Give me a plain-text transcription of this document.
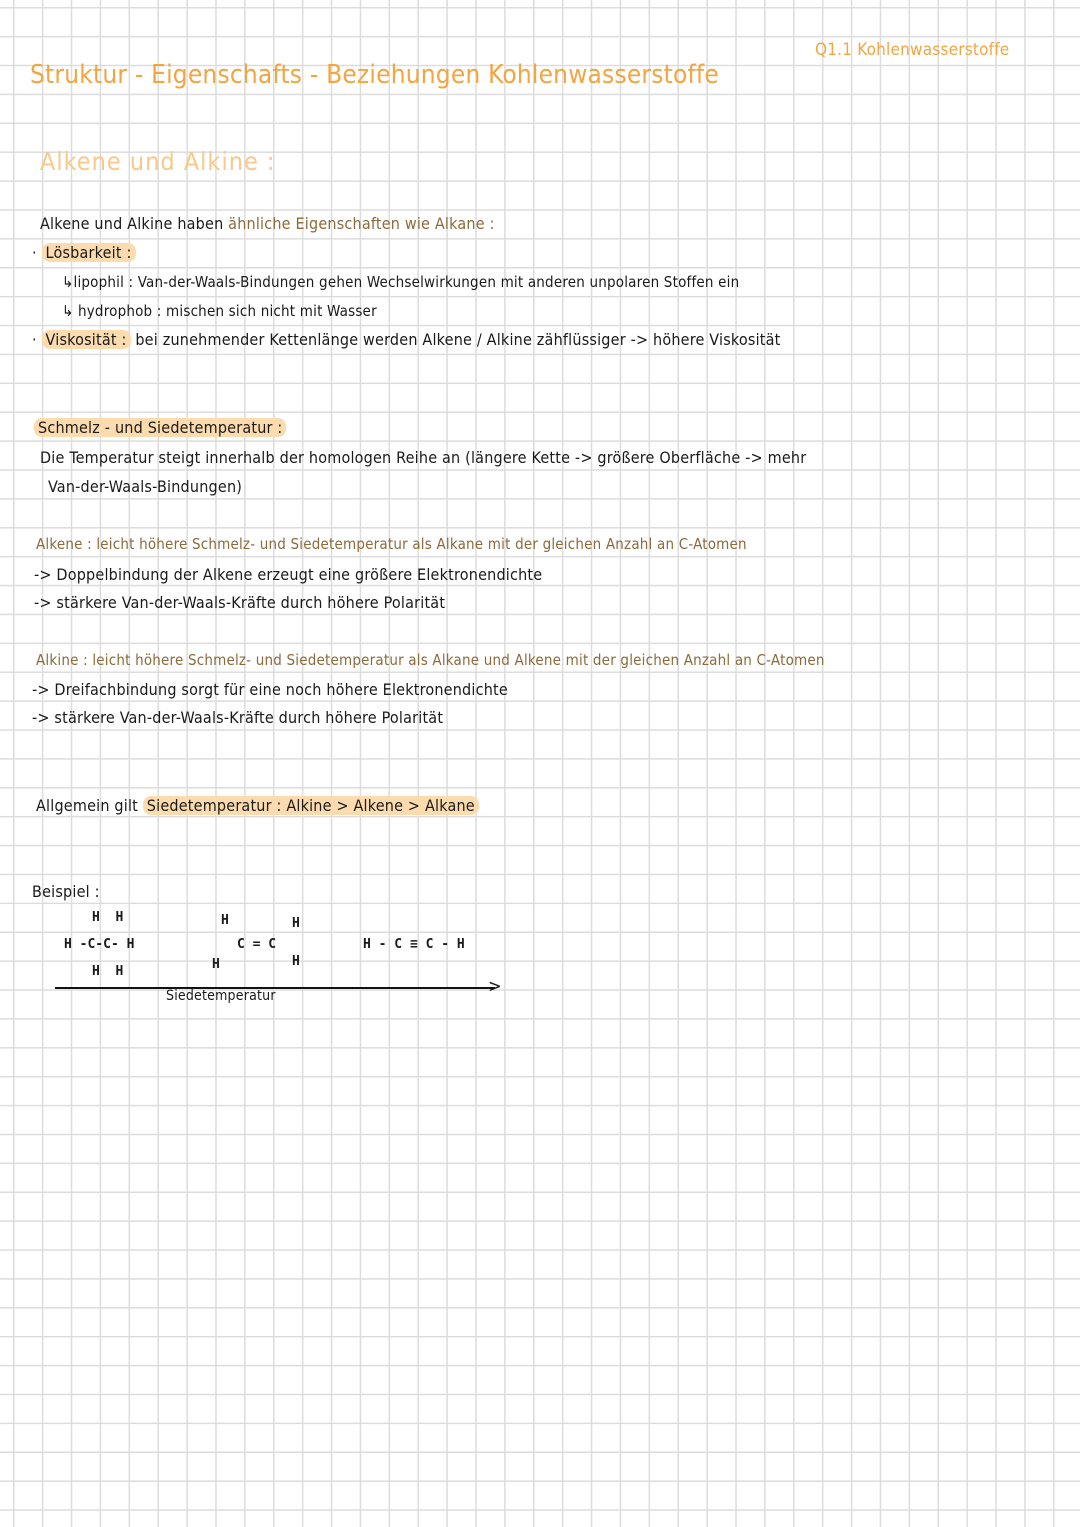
Q1.1 Kohlenwasserstoffe
Struktur - Eigenschafts - Beziehungen Kohlenwasserstoffe
Alkene und Alkine :
Alkene und Alkine haben ähnliche Eigenschaften wie Alkane :
· Lösbarkeit :
↳lipophil : Van-der-Waals-Bindungen gehen Wechselwirkungen mit anderen unpolaren Stoffen ein
↳ hydrophob : mischen sich nicht mit Wasser
· Viskosität : bei zunehmender Kettenlänge werden Alkene / Alkine zähflüssiger -> höhere Viskosität
Schmelz - und Siedetemperatur :
Die Temperatur steigt innerhalb der homologen Reihe an (längere Kette -> größere Oberfläche -> mehr
Van-der-Waals-Bindungen)
Alkene : leicht höhere Schmelz- und Siedetemperatur als Alkane mit der gleichen Anzahl an C-Atomen
-> Doppelbindung der Alkene erzeugt eine größere Elektronendichte
-> stärkere Van-der-Waals-Kräfte durch höhere Polarität
Alkine : leicht höhere Schmelz- und Siedetemperatur als Alkane und Alkene mit der gleichen Anzahl an C-Atomen
-> Dreifachbindung sorgt für eine noch höhere Elektronendichte
-> stärkere Van-der-Waals-Kräfte durch höhere Polarität
Allgemein gilt Siedetemperatur : Alkine > Alkene > Alkane
Beispiel :
H  H
H -C-C- H
H  H
H	H
H	H
C = C	H - C ≡ C - H
>
Siedetemperatur
